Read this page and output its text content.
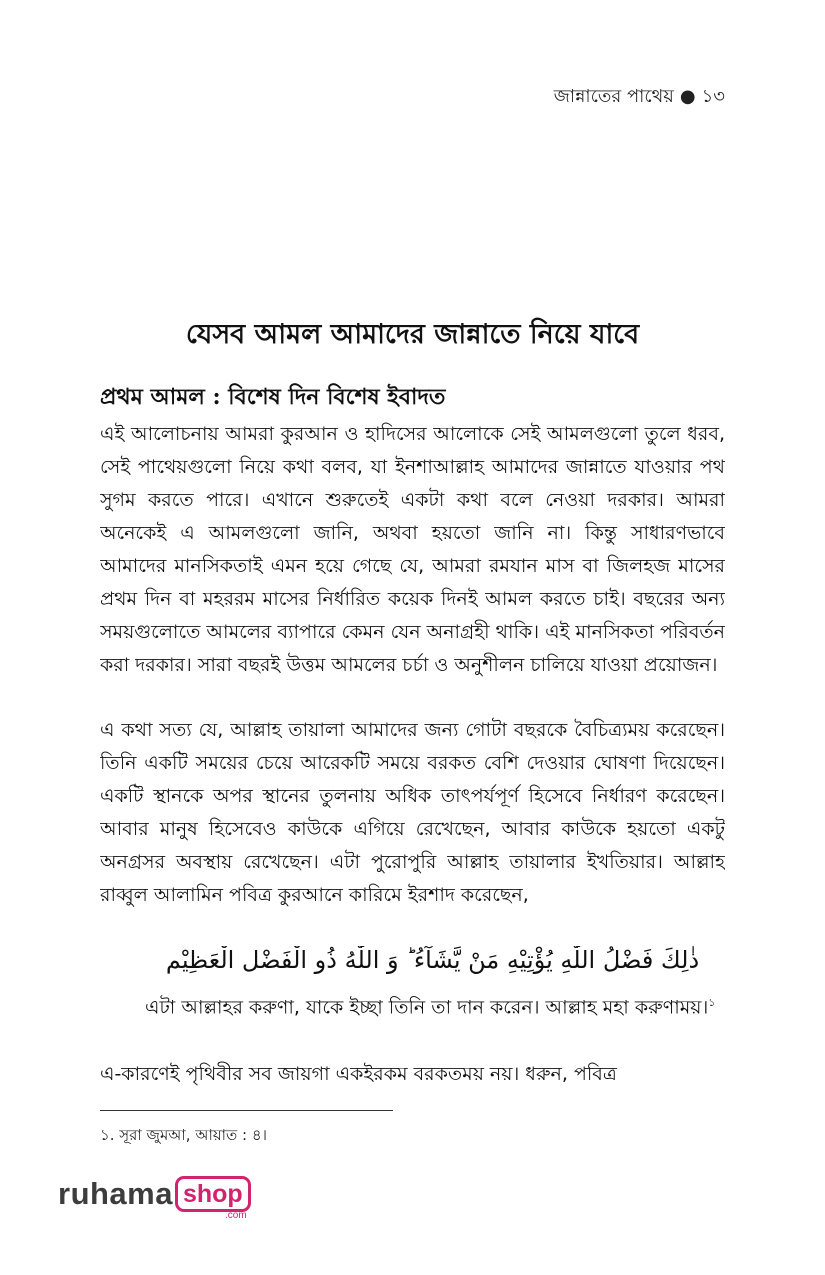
জান্নাতের পাথেয় ● ১৩
যেসব আমল আমাদের জান্নাতে নিয়ে যাবে
প্রথম আমল : বিশেষ দিন বিশেষ ইবাদত

এই আলোচনায় আমরা কুরআন ও হাদিসের আলোকে সেই আমলগুলো তুলে ধরব, সেই পাথেয়গুলো নিয়ে কথা বলব, যা ইনশাআল্লাহ আমাদের জান্নাতে যাওয়ার পথ সুগম করতে পারে। এখানে শুরুতেই একটা কথা বলে নেওয়া দরকার। আমরা অনেকেই এ আমলগুলো জানি, অথবা হয়তো জানি না। কিন্তু সাধারণভাবে আমাদের মানসিকতাই এমন হয়ে গেছে যে, আমরা রমযান মাস বা জিলহজ মাসের প্রথম দিন বা মহররম মাসের নির্ধারিত কয়েক দিনই আমল করতে চাই। বছরের অন্য সময়গুলোতে আমলের ব্যাপারে কেমন যেন অনাগ্রহী থাকি। এই মানসিকতা পরিবর্তন করা দরকার। সারা বছরই উত্তম আমলের চর্চা ও অনুশীলন চালিয়ে যাওয়া প্রয়োজন।

এ কথা সত্য যে, আল্লাহ তায়ালা আমাদের জন্য গোটা বছরকে বৈচিত্র্যময় করেছেন। তিনি একটি সময়ের চেয়ে আরেকটি সময়ে বরকত বেশি দেওয়ার ঘোষণা দিয়েছেন। একটি স্থানকে অপর স্থানের তুলনায় অধিক তাৎপর্যপূর্ণ হিসেবে নির্ধারণ করেছেন। আবার মানুষ হিসেবেও কাউকে এগিয়ে রেখেছেন, আবার কাউকে হয়তো একটু অনগ্রসর অবস্থায় রেখেছেন। এটা পুরোপুরি আল্লাহ তায়ালার ইখতিয়ার। আল্লাহ রাব্বুল আলামিন পবিত্র কুরআনে কারিমে ইরশাদ করেছেন,

ذٰلِكَ فَضْلُ اللّٰهِ يُؤْتِيْهِ مَنْ يَّشَآءُ ؕ وَ اللّٰهُ ذُو الْفَضْلِ الْعَظِيْمِ
এটা আল্লাহর করুণা, যাকে ইচ্ছা তিনি তা দান করেন। আল্লাহ মহা করুণাময়।$^১$

এ-কারণেই পৃথিবীর সব জায়গা একইরকম বরকতময় নয়। ধরুন, পবিত্র

১. সূরা জুমআ, আয়াত : ৪।
ruhama shop
.com
